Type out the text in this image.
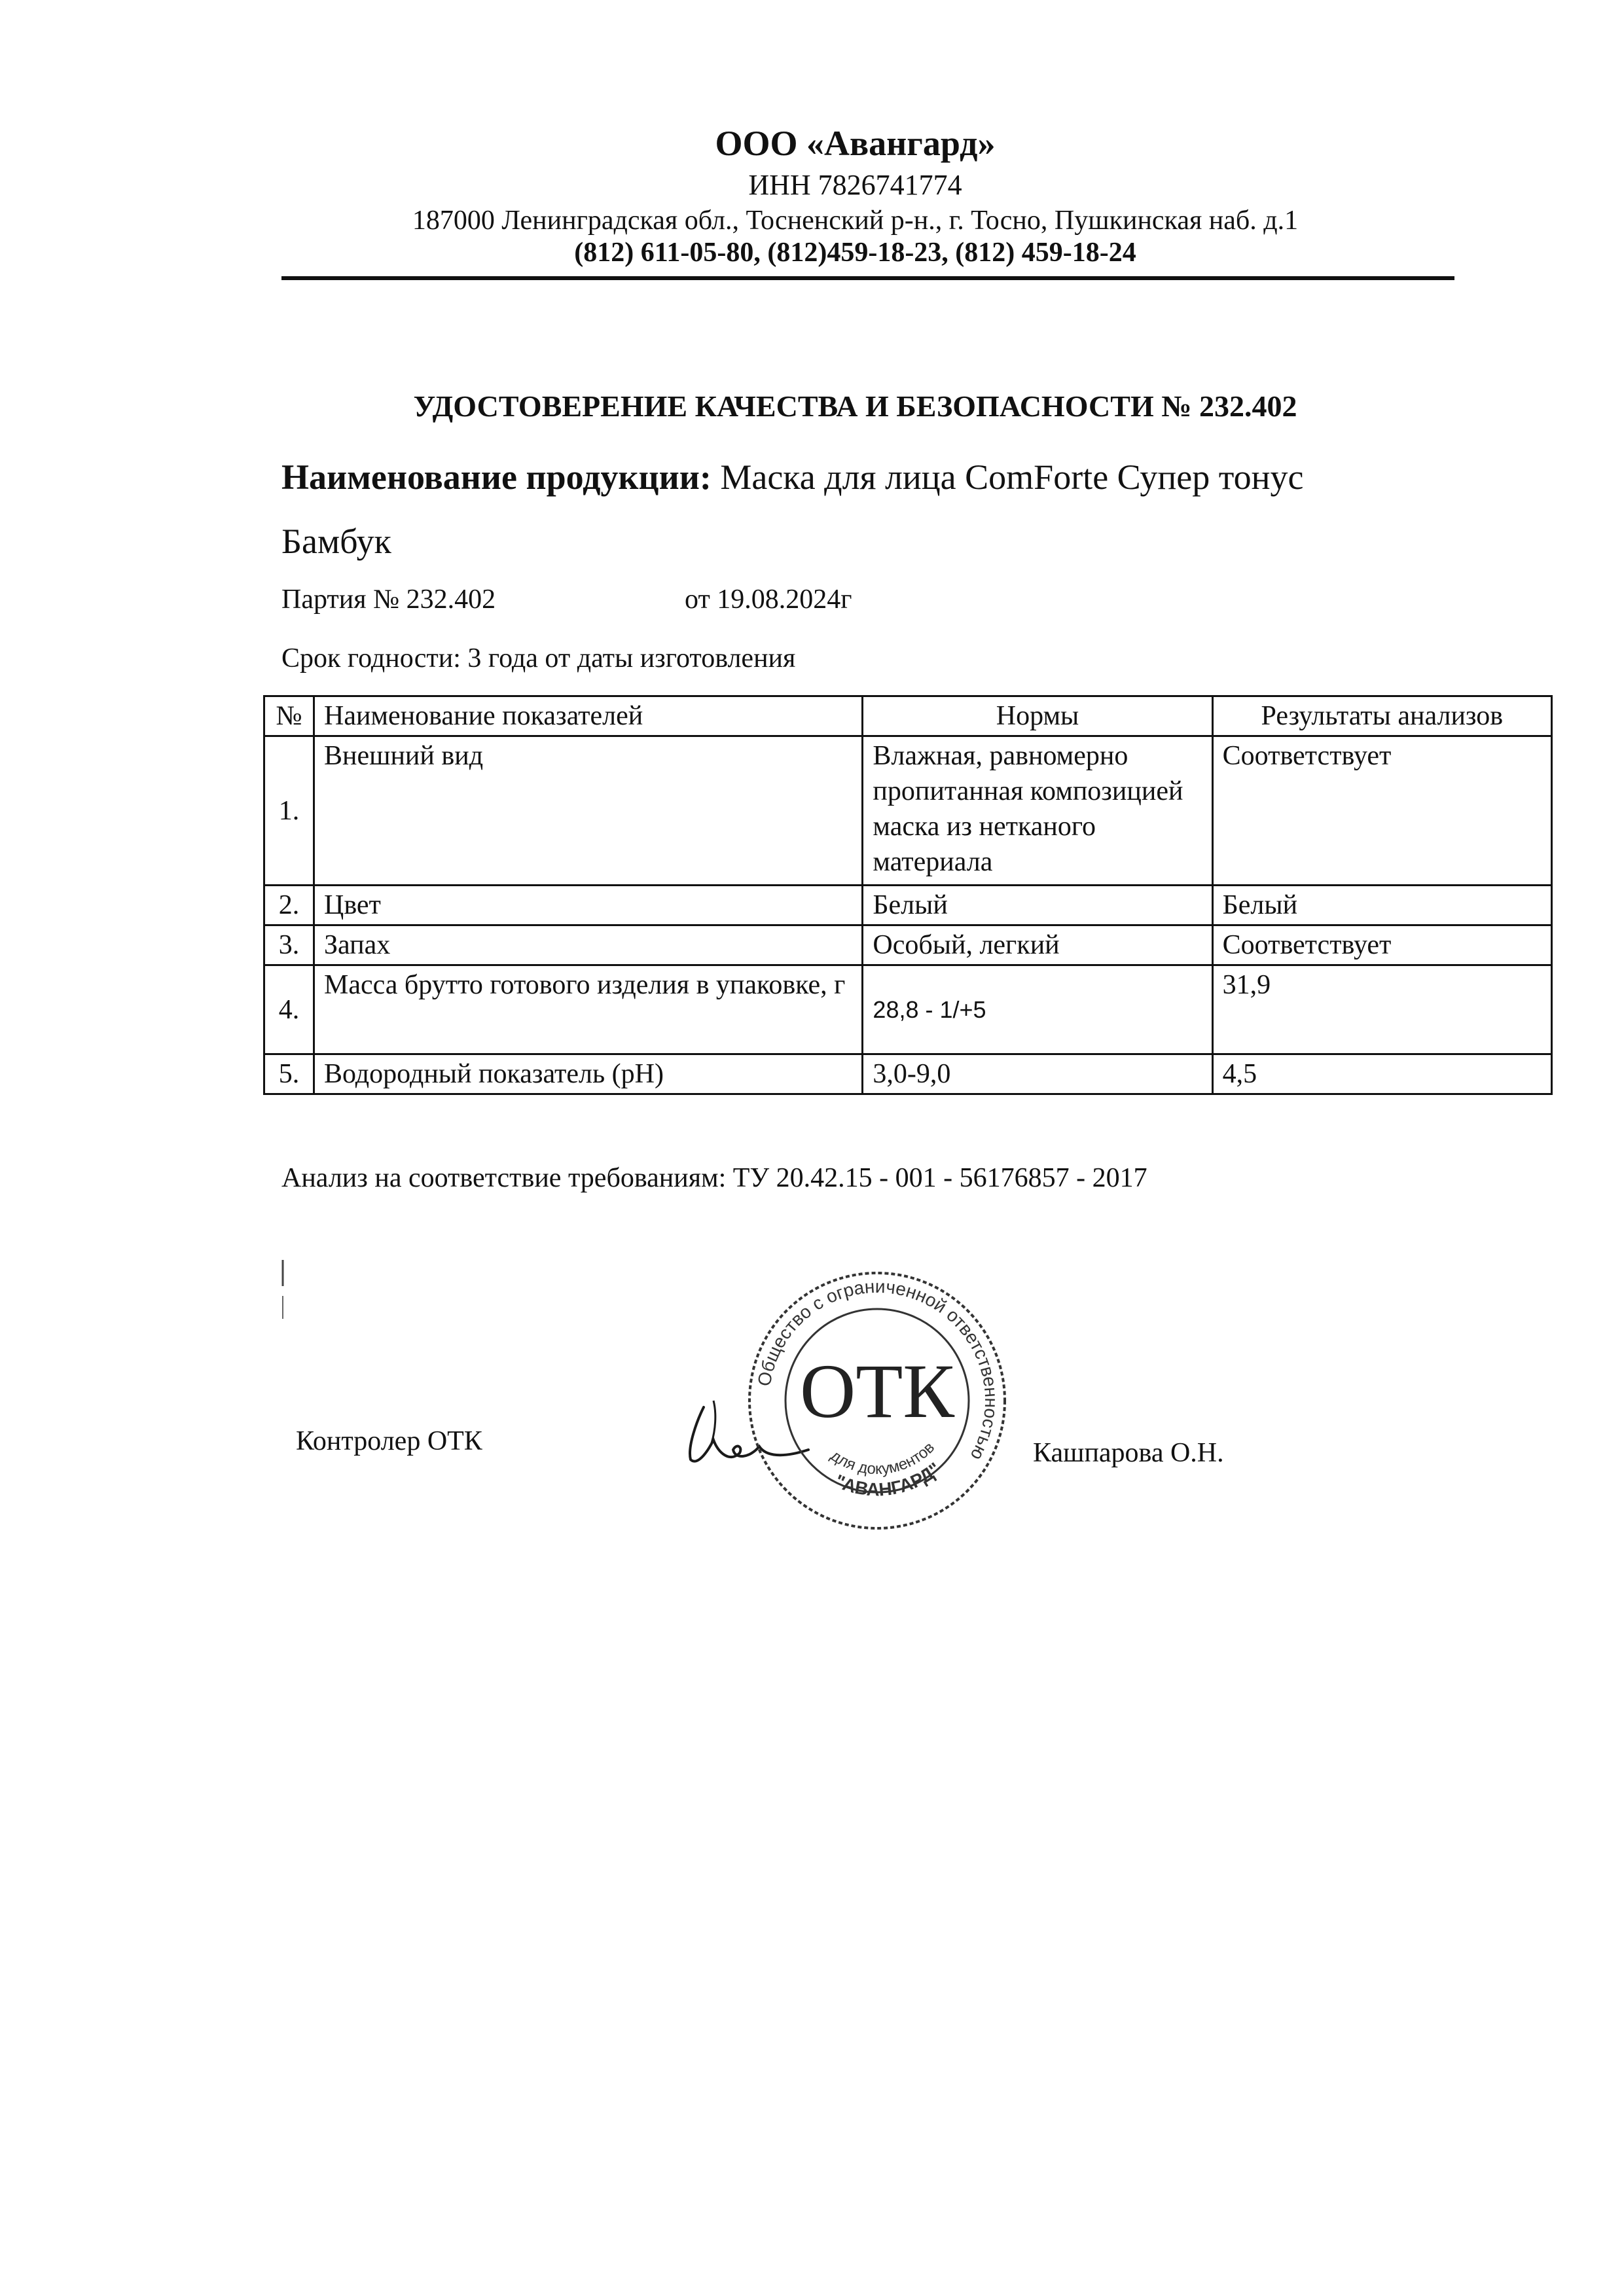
ООО «Авангард»
ИНН 7826741774
187000 Ленинградская обл., Тосненский р-н., г. Тосно, Пушкинская наб. д.1
(812) 611-05-80, (812)459-18-23, (812) 459-18-24
УДОСТОВЕРЕНИЕ КАЧЕСТВА И БЕЗОПАСНОСТИ № 232.402
Наименование продукции: Маска для лица ComForte Супер тонус
Бамбук
Партия № 232.402	от 19.08.2024г
Срок годности: 3 года от даты изготовления
№	Наименование показателей	Нормы	Результаты анализов
1.	Внешний вид	Влажная, равномерно пропитанная композицией маска из нетканого материала	Соответствует
2.	Цвет	Белый	Белый
3.	Запах	Особый, легкий	Соответствует
4.	Масса брутто готового изделия в упаковке, г	28,8 - 1/+5	31,9
5.	Водородный показатель (pH)	3,0-9,0	4,5
Анализ на соответствие требованиям: ТУ 20.42.15 - 001 - 56176857 - 2017
Контролер ОТК
Общество с ограниченной ответственностью
ОТК
для документов
"АВАНГАРД"
Кашпарова О.Н.
